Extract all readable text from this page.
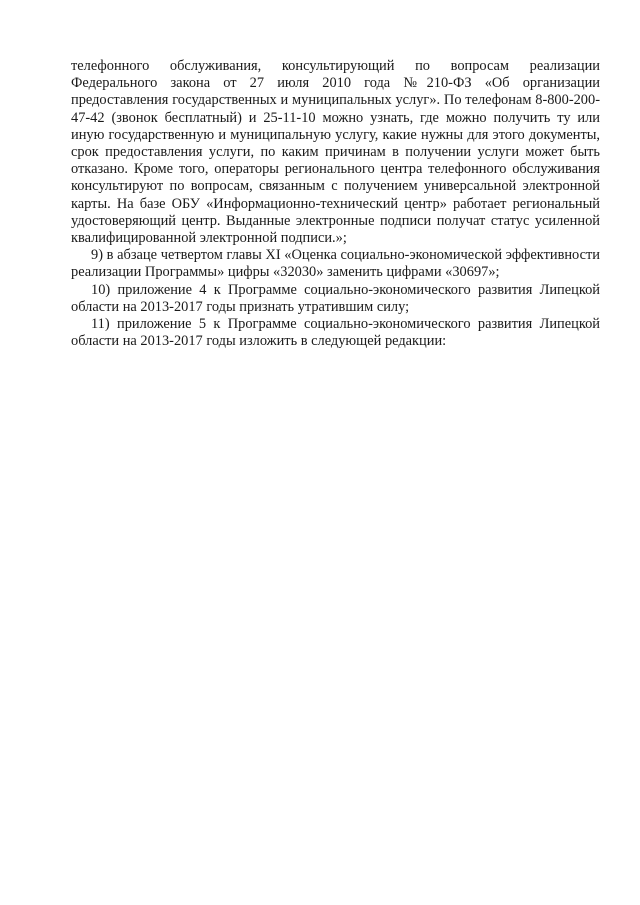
телефонного обслуживания, консультирующий по вопросам реализации Федерального закона от 27 июля 2010 года №210-ФЗ «Об организации предоставления государственных и муниципальных услуг». По телефонам 8-800-200-47-42 (звонок бесплатный) и 25-11-10 можно узнать, где можно получить ту или иную государственную и муниципальную услугу, какие нужны для этого документы, срок предоставления услуги, по каким причинам в получении услуги может быть отказано. Кроме того, операторы регионального центра телефонного обслуживания консультируют по вопросам, связанным с получением универсальной электронной карты. На базе ОБУ «Информационно-технический центр» работает региональный удостоверяющий центр. Выданные электронные подписи получат статус усиленной квалифицированной электронной подписи.»;

9) в абзаце четвертом главы XI «Оценка социально-экономической эффективности реализации Программы» цифры «32030» заменить цифрами «30697»;

10) приложение 4 к Программе социально-экономического развития Липецкой области на 2013-2017 годы признать утратившим силу;

11) приложение 5 к Программе социально-экономического развития Липецкой области на 2013-2017 годы изложить в следующей редакции:
